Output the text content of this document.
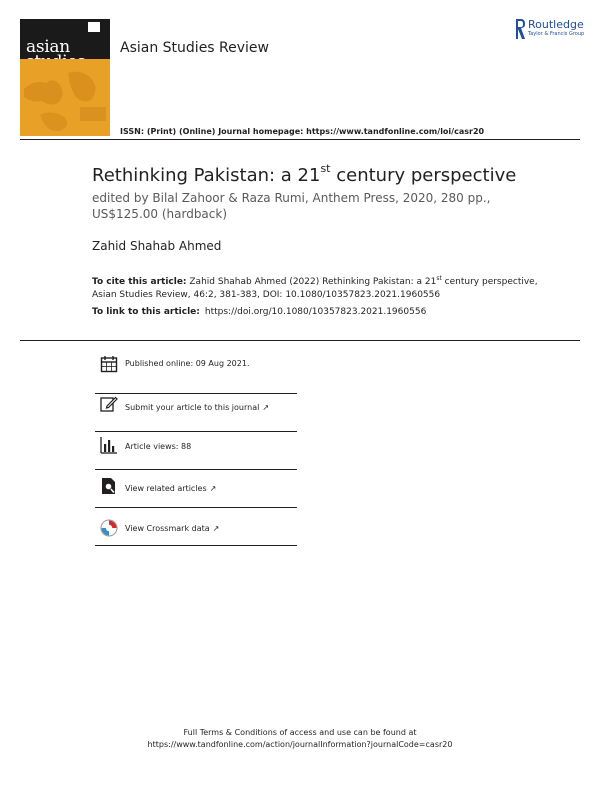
asian	Asian Studies Review
Routledge
Taylor & Francis Group
ISSN: (Print) (Online) Journal homepage: https://www.tandfonline.com/loi/casr20
Rethinking Pakistan: a 21st century perspective
edited by Bilal Zahoor & Raza Rumi, Anthem Press, 2020, 280 pp., US$125.00 (hardback)
Zahid Shahab Ahmed
To cite this article: Zahid Shahab Ahmed (2022) Rethinking Pakistan: a 21st century perspective, Asian Studies Review, 46:2, 381-383, DOI: 10.1080/10357823.2021.1960556
To link to this article: https://doi.org/10.1080/10357823.2021.1960556
Published online: 09 Aug 2021.
Submit your article to this journal ↗
Article views: 88
View related articles ↗
View Crossmark data ↗
Full Terms & Conditions of access and use can be found at
https://www.tandfonline.com/action/journalInformation?journalCode=casr20
